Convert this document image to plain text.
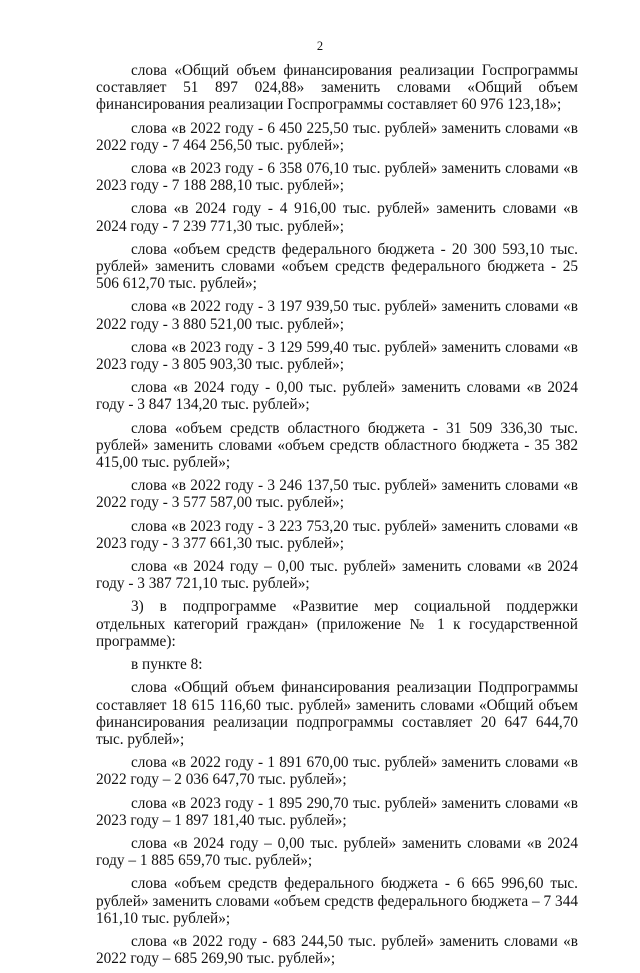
2

слова «Общий объем финансирования реализации Госпрограммы составляет 51 897 024,88» заменить словами «Общий объем финансирования реализации Госпрограммы составляет 60 976 123,18»;

слова «в 2022 году - 6 450 225,50 тыс. рублей» заменить словами «в 2022 году - 7 464 256,50 тыс. рублей»;

слова «в 2023 году - 6 358 076,10 тыс. рублей» заменить словами «в 2023 году - 7 188 288,10 тыс. рублей»;

слова «в 2024 году - 4 916,00 тыс. рублей» заменить словами «в 2024 году - 7 239 771,30 тыс. рублей»;

слова «объем средств федерального бюджета - 20 300 593,10 тыс. рублей» заменить словами «объем средств федерального бюджета - 25 506 612,70 тыс. рублей»;

слова «в 2022 году - 3 197 939,50 тыс. рублей» заменить словами «в 2022 году - 3 880 521,00 тыс. рублей»;

слова «в 2023 году - 3 129 599,40 тыс. рублей» заменить словами «в 2023 году - 3 805 903,30 тыс. рублей»;

слова «в 2024 году - 0,00 тыс. рублей» заменить словами «в 2024 году - 3 847 134,20 тыс. рублей»;

слова «объем средств областного бюджета - 31 509 336,30 тыс. рублей» заменить словами «объем средств областного бюджета - 35 382 415,00 тыс. рублей»;

слова «в 2022 году - 3 246 137,50 тыс. рублей» заменить словами «в 2022 году - 3 577 587,00 тыс. рублей»;

слова «в 2023 году - 3 223 753,20 тыс. рублей» заменить словами «в 2023 году - 3 377 661,30 тыс. рублей»;

слова «в 2024 году – 0,00 тыс. рублей» заменить словами «в 2024 году - 3 387 721,10 тыс. рублей»;

3) в подпрограмме «Развитие мер социальной поддержки отдельных категорий граждан» (приложение № 1 к государственной программе):

в пункте 8:

слова «Общий объем финансирования реализации Подпрограммы составляет 18 615 116,60 тыс. рублей» заменить словами «Общий объем финансирования реализации подпрограммы составляет 20 647 644,70 тыс. рублей»;

слова «в 2022 году - 1 891 670,00 тыс. рублей» заменить словами «в 2022 году – 2 036 647,70 тыс. рублей»;

слова «в 2023 году - 1 895 290,70 тыс. рублей» заменить словами «в 2023 году – 1 897 181,40 тыс. рублей»;

слова «в 2024 году – 0,00 тыс. рублей» заменить словами «в 2024 году – 1 885 659,70 тыс. рублей»;

слова «объем средств федерального бюджета - 6 665 996,60 тыс. рублей» заменить словами «объем средств федерального бюджета – 7 344 161,10 тыс. рублей»;

слова «в 2022 году - 683 244,50 тыс. рублей» заменить словами «в 2022 году – 685 269,90 тыс. рублей»;
